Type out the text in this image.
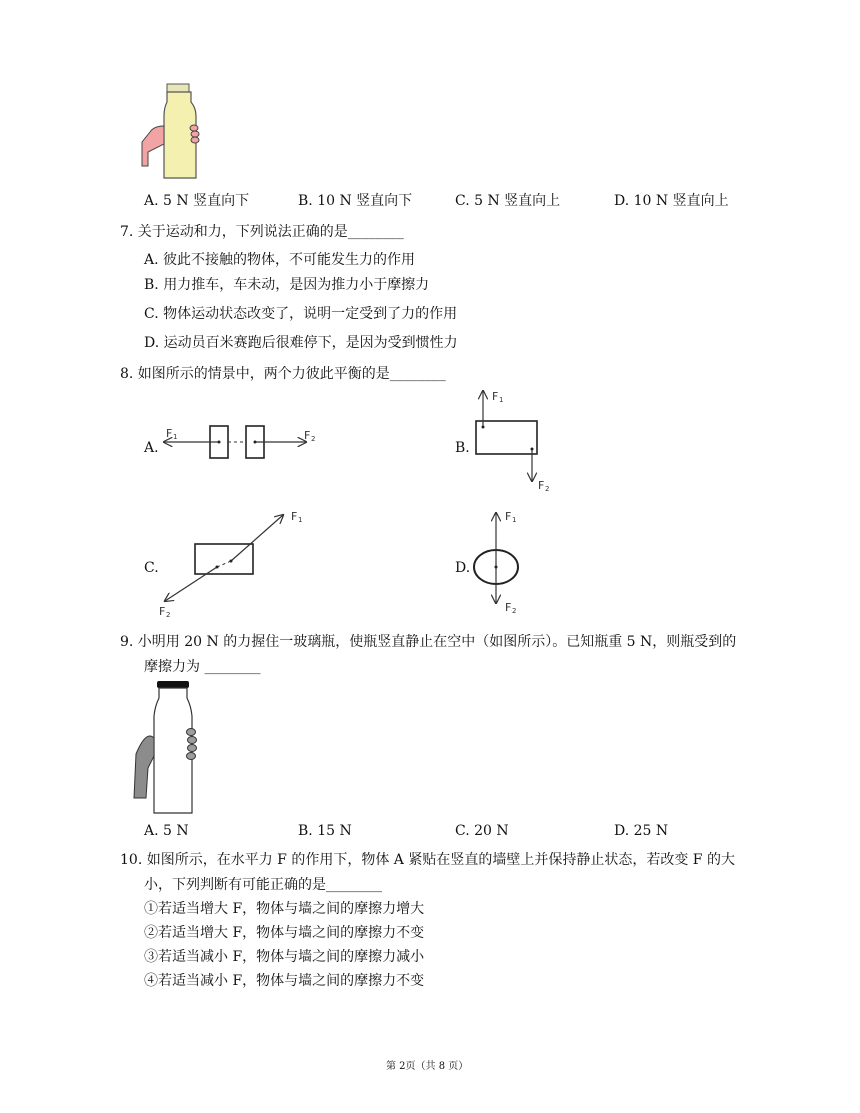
A. 5 N 竖直向下	B. 10 N 竖直向下	C. 5 N 竖直向上	D. 10 N 竖直向上
7. 关于运动和力，下列说法正确的是________
A. 彼此不接触的物体，不可能发生力的作用
B. 用力推车，车未动，是因为推力小于摩擦力
C. 物体运动状态改变了，说明一定受到了力的作用
D. 运动员百米赛跑后很难停下，是因为受到惯性力
8. 如图所示的情景中，两个力彼此平衡的是________
A.
F 1	F 2
B.
F 1
F 2
C.
F 1
F 2
D.
F 1
F 2
9. 小明用 20 N 的力握住一玻璃瓶，使瓶竖直静止在空中（如图所示）。已知瓶重 5 N，则瓶受到的
摩擦力为 ________
A. 5 N	B. 15 N	C. 20 N	D. 25 N
10. 如图所示，在水平力 F 的作用下，物体 A 紧贴在竖直的墙壁上并保持静止状态，若改变 F 的大
小，下列判断有可能正确的是________
①若适当增大 F，物体与墙之间的摩擦力增大
②若适当增大 F，物体与墙之间的摩擦力不变
③若适当减小 F，物体与墙之间的摩擦力减小
④若适当减小 F，物体与墙之间的摩擦力不变
第 2页（共 8 页）
